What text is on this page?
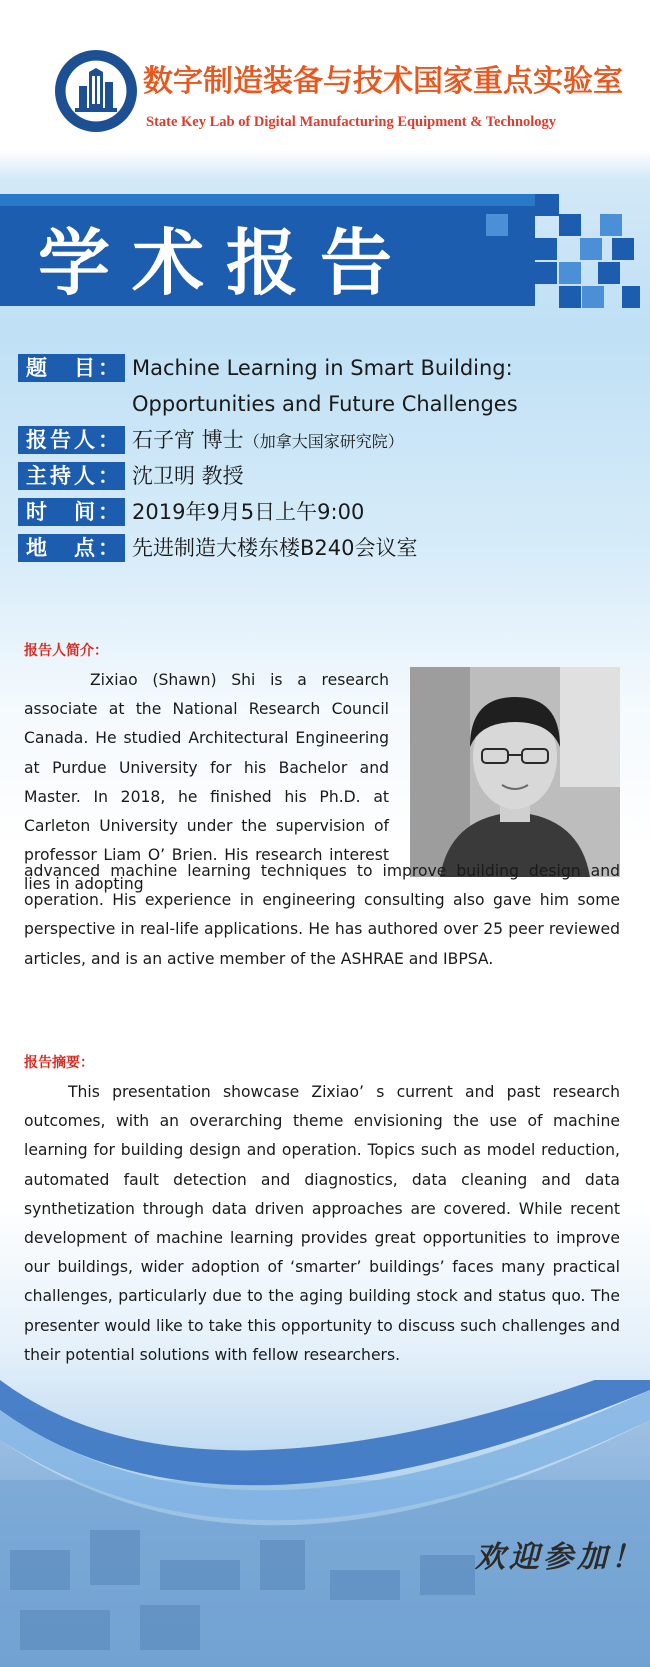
数字制造装备与技术国家重点实验室
State Key Lab of Digital Manufacturing Equipment & Technology
学术报告
题　目： Machine Learning in Smart Building:
Opportunities and Future Challenges
报告人： 石子宵 博士（加拿大国家研究院）
主持人： 沈卫明 教授
时　间： 2019年9月5日上午9:00
地　点： 先进制造大楼东楼B240会议室
报告人简介：
Zixiao (Shawn) Shi is a research associate at the National Research Council Canada. He studied Architectural Engineering at Purdue University for his Bachelor and Master. In 2018, he finished his Ph.D. at Carleton University under the supervision of professor Liam O’ Brien. His research interest lies in adopting
advanced machine learning techniques to improve building design and operation. His experience in engineering consulting also gave him some perspective in real-life applications. He has authored over 25 peer reviewed articles, and is an active member of the ASHRAE and IBPSA.
报告摘要：
This presentation showcase Zixiao’ s current and past research outcomes, with an overarching theme envisioning the use of machine learning for building design and operation. Topics such as model reduction, automated fault detection and diagnostics, data cleaning and data synthetization through data driven approaches are covered. While recent development of machine learning provides great opportunities to improve our buildings, wider adoption of ‘smarter’ buildings’ faces many practical challenges, particularly due to the aging building stock and status quo. The presenter would like to take this opportunity to discuss such challenges and their potential solutions with fellow researchers.
欢迎参加！
